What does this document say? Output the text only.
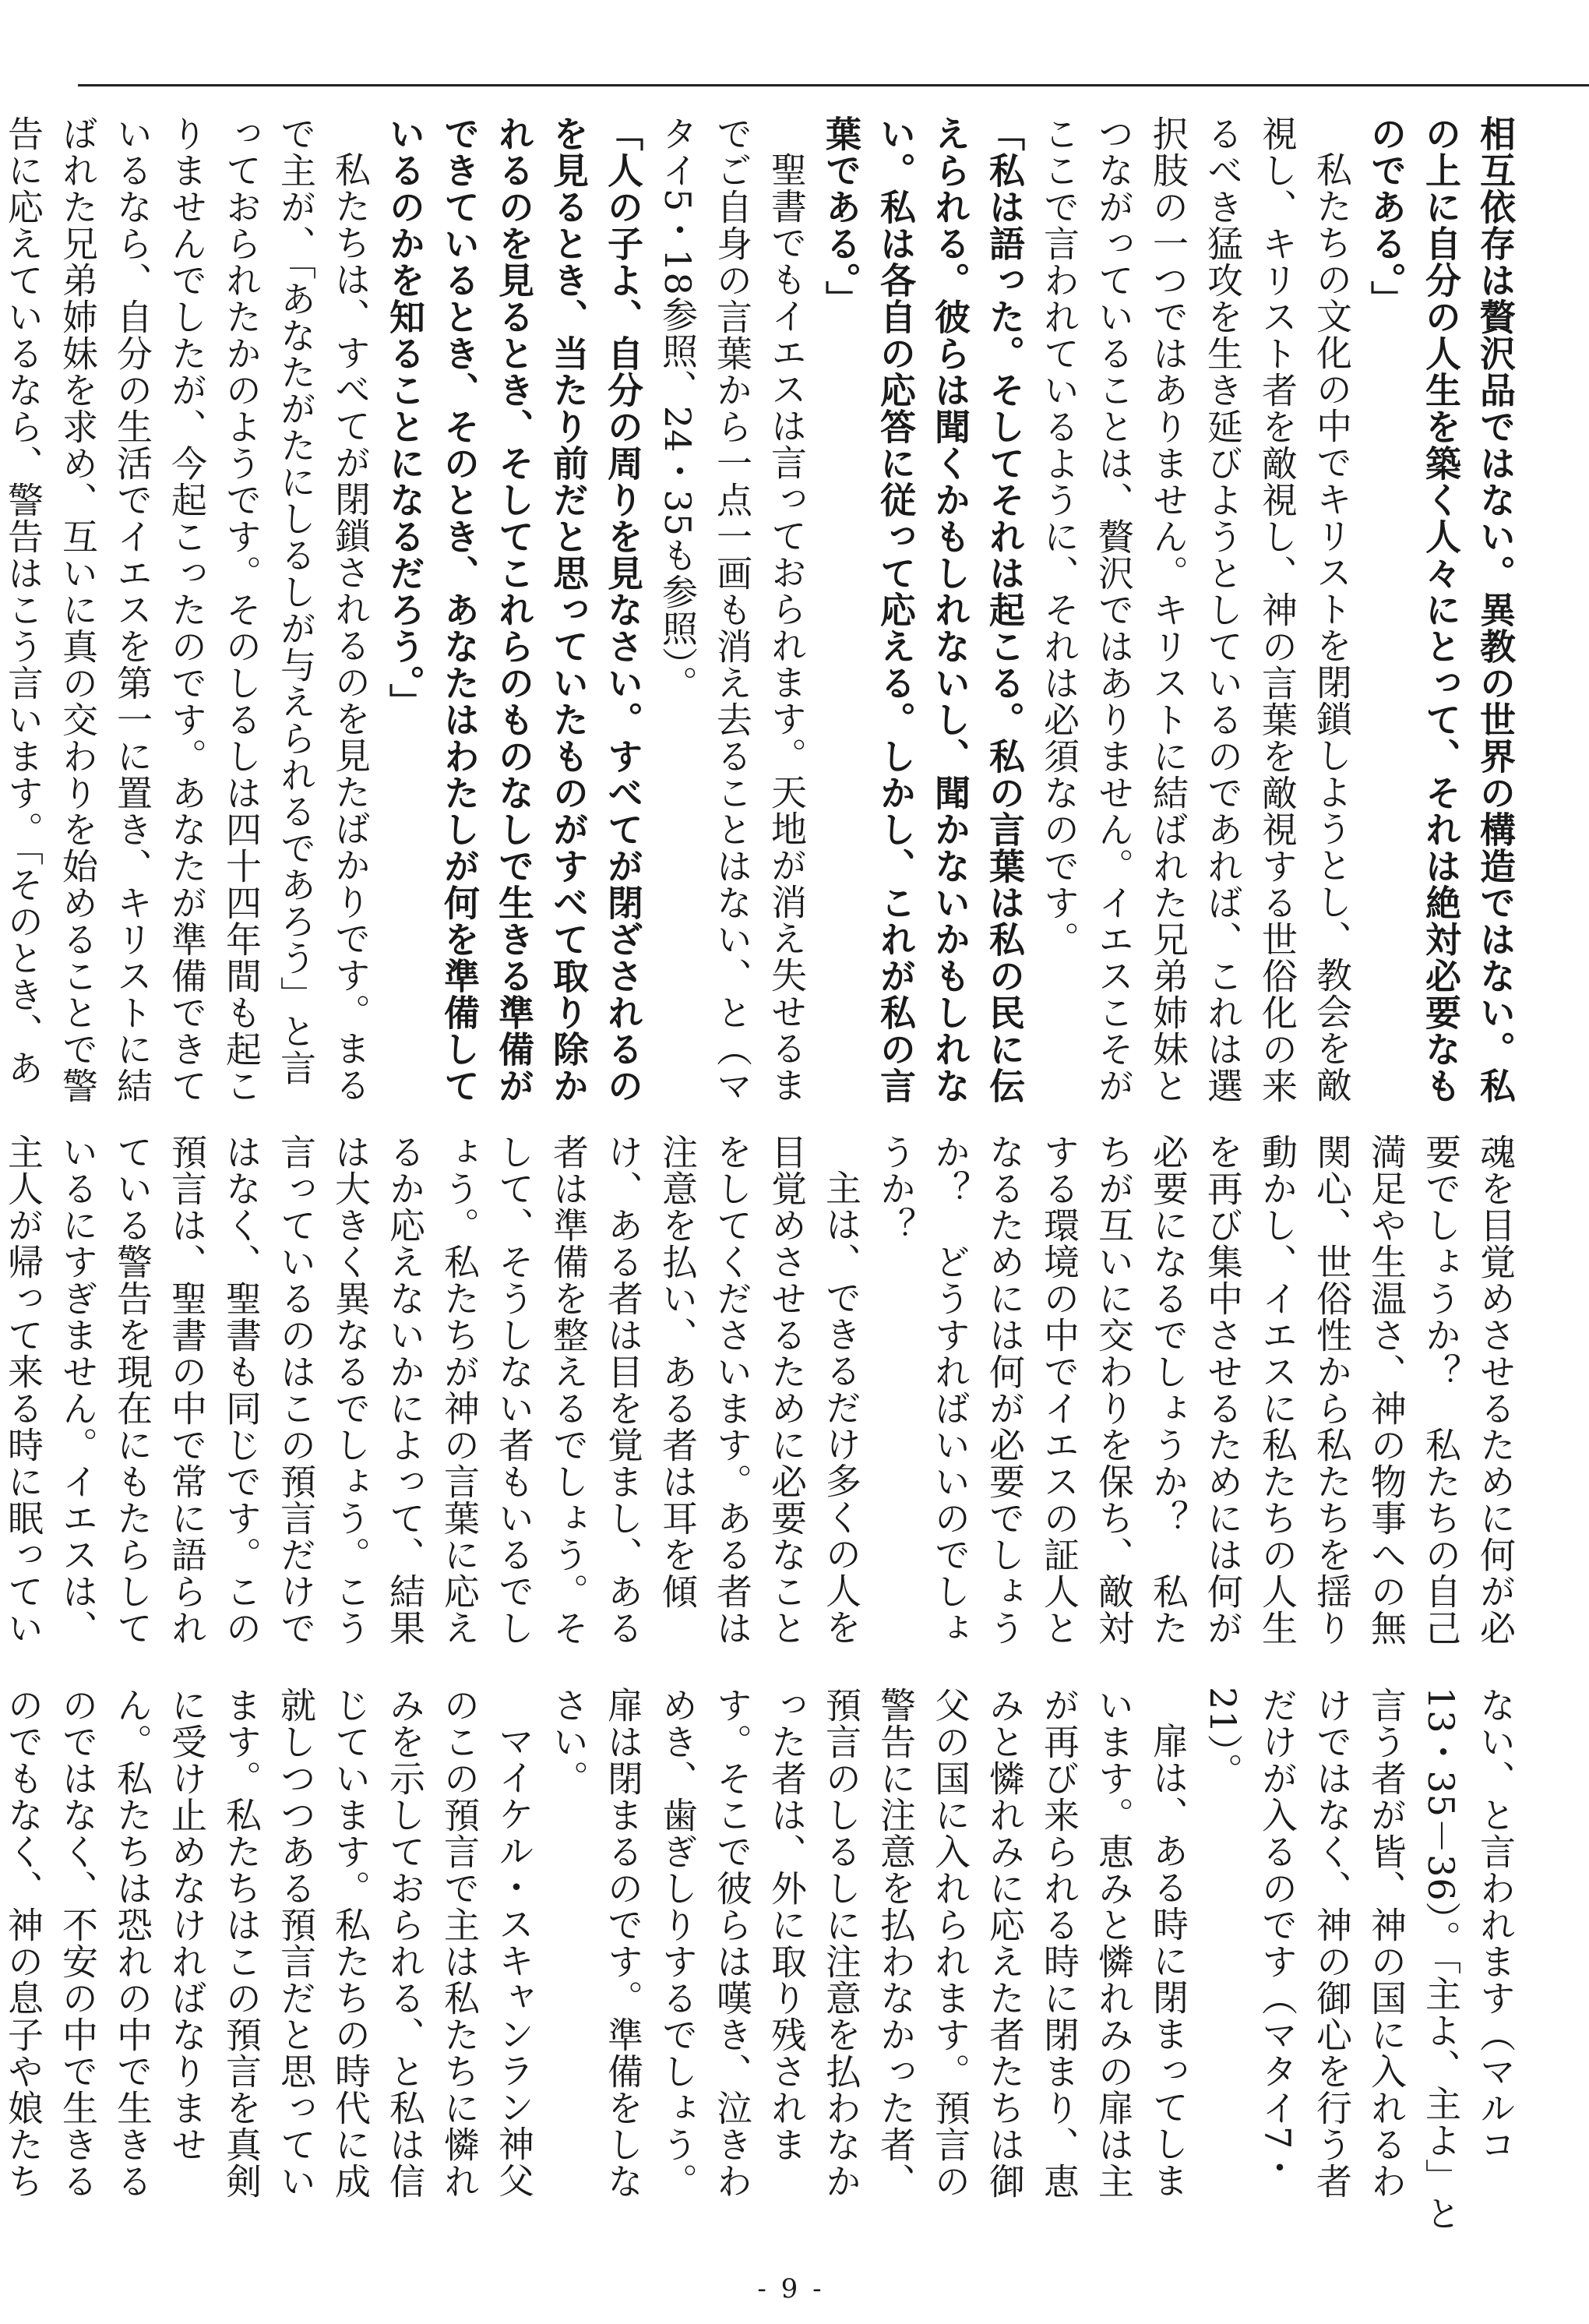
相互依存は贅沢品ではない。異教の世界の構造ではない。私の上に自分の人生を築く人々にとって、それは絶対必要なものである。」

私たちの文化の中でキリストを閉鎖しようとし、教会を敵視し、キリスト者を敵視し、神の言葉を敵視する世俗化の来るべき猛攻を生き延びようとしているのであれば、これは選択肢の一つではありません。キリストに結ばれた兄弟姉妹とつながっていることは、贅沢ではありません。イエスこそがここで言われているように、それは必須なのです。

「私は語った。そしてそれは起こる。私の言葉は私の民に伝えられる。彼らは聞くかもしれないし、聞かないかもしれない。私は各自の応答に従って応える。しかし、これが私の言葉である。」

聖書でもイエスは言っておられます。天地が消え失せるまでご自身の言葉から一点一画も消え去ることはない、と（マタイ5・18参照、24・35も参照）。

「人の子よ、自分の周りを見なさい。すべてが閉ざされるのを見るとき、当たり前だと思っていたものがすべて取り除かれるのを見るとき、そしてこれらのものなしで生きる準備ができているとき、そのとき、あなたはわたしが何を準備しているのかを知ることになるだろう。」

私たちは、すべてが閉鎖されるのを見たばかりです。まるで主が、「あなたがたにしるしが与えられるであろう」と言っておられたかのようです。そのしるしは四十四年間も起こりませんでしたが、今起こったのです。あなたが準備できているなら、自分の生活でイエスを第一に置き、キリストに結ばれた兄弟姉妹を求め、互いに真の交わりを始めることで警告に応えているなら、警告はこう言います。「そのとき、あ

魂を目覚めさせるために何が必要でしょうか？　私たちの自己満足や生温さ、神の物事への無関心、世俗性から私たちを揺り動かし、イエスに私たちの人生を再び集中させるためには何が必要になるでしょうか？　私たちが互いに交わりを保ち、敵対する環境の中でイエスの証人となるためには何が必要でしょうか？　どうすればいいのでしょうか？

主は、できるだけ多くの人を目覚めさせるために必要なことをしてくださいます。ある者は注意を払い、ある者は耳を傾け、ある者は目を覚まし、ある者は準備を整えるでしょう。そして、そうしない者もいるでしょう。私たちが神の言葉に応えるか応えないかによって、結果は大きく異なるでしょう。こう言っているのはこの預言だけではなく、聖書も同じです。この預言は、聖書の中で常に語られている警告を現在にもたらしているにすぎません。イエスは、主人が帰って来る時に眠ってい

ない、と言われます（マルコ13・35－36）。「主よ、主よ」と言う者が皆、神の国に入れるわけではなく、神の御心を行う者だけが入るのです（マタイ7・21）。

扉は、ある時に閉まってしまいます。恵みと憐れみの扉は主が再び来られる時に閉まり、恵みと憐れみに応えた者たちは御父の国に入れられます。預言の警告に注意を払わなかった者、預言のしるしに注意を払わなかった者は、外に取り残されます。そこで彼らは嘆き、泣きわめき、歯ぎしりするでしょう。扉は閉まるのです。準備をしなさい。

マイケル・スキャンラン神父のこの預言で主は私たちに憐れみを示しておられる、と私は信じています。私たちの時代に成就しつつある預言だと思っています。私たちはこの預言を真剣に受け止めなければなりません。私たちは恐れの中で生きるのではなく、不安の中で生きるのでもなく、神の息子や娘たち

- 9 -
